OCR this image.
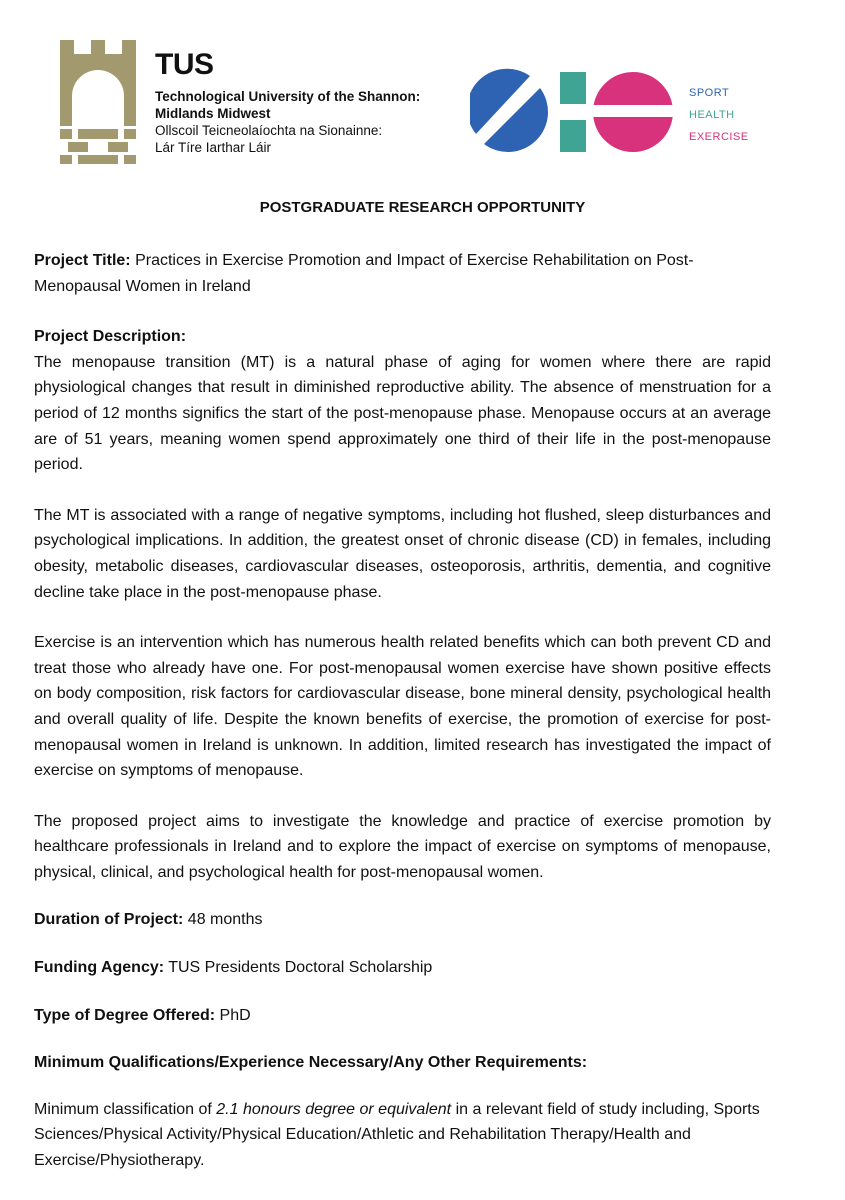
TUS
Technological University of the Shannon:
Midlands Midwest
Ollscoil Teicneolaíochta na Sionainne:
Lár Tíre Iarthar Láir
SPORT
HEALTH
EXERCISE
POSTGRADUATE RESEARCH OPPORTUNITY

Project Title: Practices in Exercise Promotion and Impact of Exercise Rehabilitation on Post-Menopausal Women in Ireland

Project Description:

The menopause transition (MT) is a natural phase of aging for women where there are rapid physiological changes that result in diminished reproductive ability. The absence of menstruation for a period of 12 months significs the start of the post-menopause phase. Menopause occurs at an average are of 51 years, meaning women spend approximately one third of their life in the post-menopause period.

The MT is associated with a range of negative symptoms, including hot flushed, sleep disturbances and psychological implications. In addition, the greatest onset of chronic disease (CD) in females, including obesity, metabolic diseases, cardiovascular diseases, osteoporosis, arthritis, dementia, and cognitive decline take place in the post-menopause phase.

Exercise is an intervention which has numerous health related benefits which can both prevent CD and treat those who already have one. For post-menopausal women exercise have shown positive effects on body composition, risk factors for cardiovascular disease, bone mineral density, psychological health and overall quality of life. Despite the known benefits of exercise, the promotion of exercise for post-menopausal women in Ireland is unknown. In addition, limited research has investigated the impact of exercise on symptoms of menopause.

The proposed project aims to investigate the knowledge and practice of exercise promotion by healthcare professionals in Ireland and to explore the impact of exercise on symptoms of menopause, physical, clinical, and psychological health for post-menopausal women.

Duration of Project: 48 months

Funding Agency: TUS Presidents Doctoral Scholarship

Type of Degree Offered: PhD

Minimum Qualifications/Experience Necessary/Any Other Requirements:

Minimum classification of 2.1 honours degree or equivalent in a relevant field of study including, Sports Sciences/Physical Activity/Physical Education/Athletic and Rehabilitation Therapy/Health and Exercise/Physiotherapy.
